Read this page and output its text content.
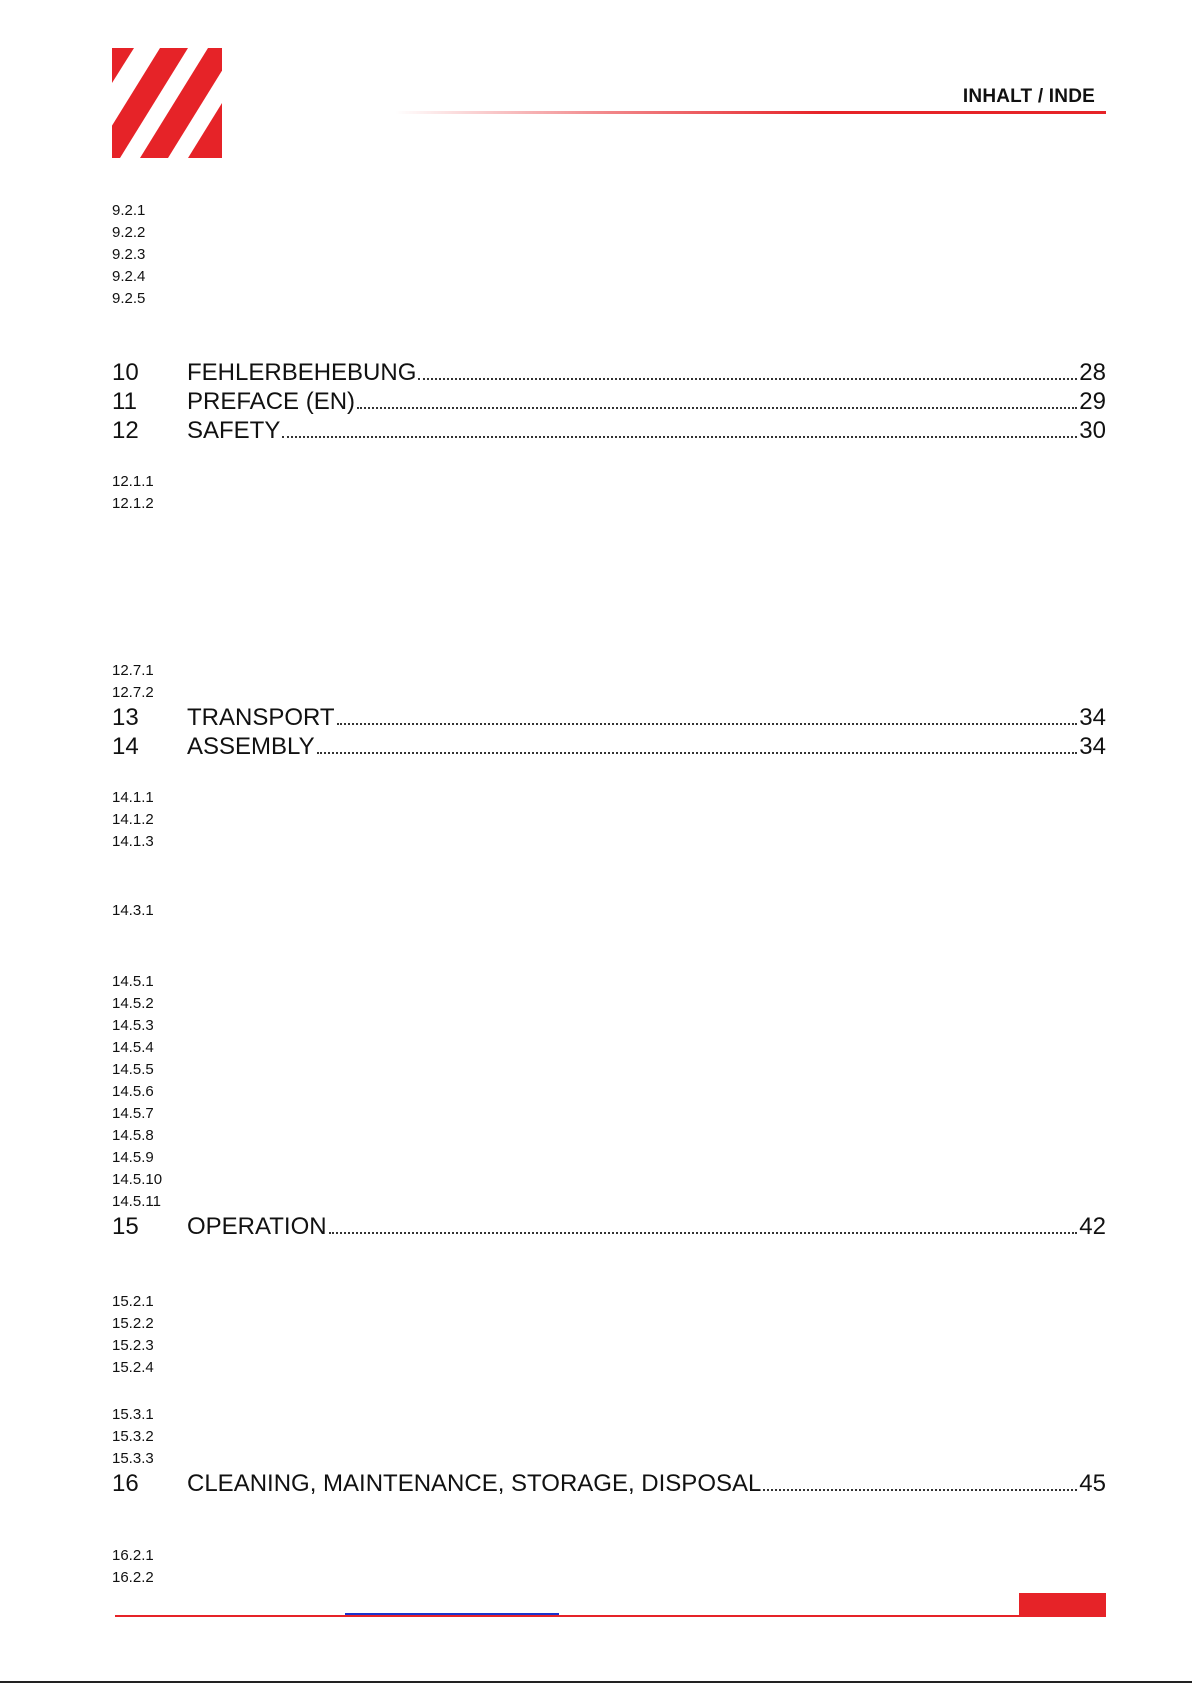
INHALT / INDE
9.2.1
9.2.2
9.2.3
9.2.4
9.2.5
12.1.1
12.1.2
12.7.1
12.7.2
14.1.1
14.1.2
14.1.3
14.3.1
14.5.1
14.5.2
14.5.3
14.5.4
14.5.5
14.5.6
14.5.7
14.5.8
14.5.9
14.5.10
14.5.11
15.2.1
15.2.2
15.2.3
15.2.4
15.3.1
15.3.2
15.3.3
16.2.1
16.2.2
10	FEHLERBEHEBUNG	28
11	PREFACE (EN)	29
12	SAFETY	30
13	TRANSPORT	34
14	ASSEMBLY	34
15	OPERATION	42
16	CLEANING, MAINTENANCE, STORAGE, DISPOSAL	45
